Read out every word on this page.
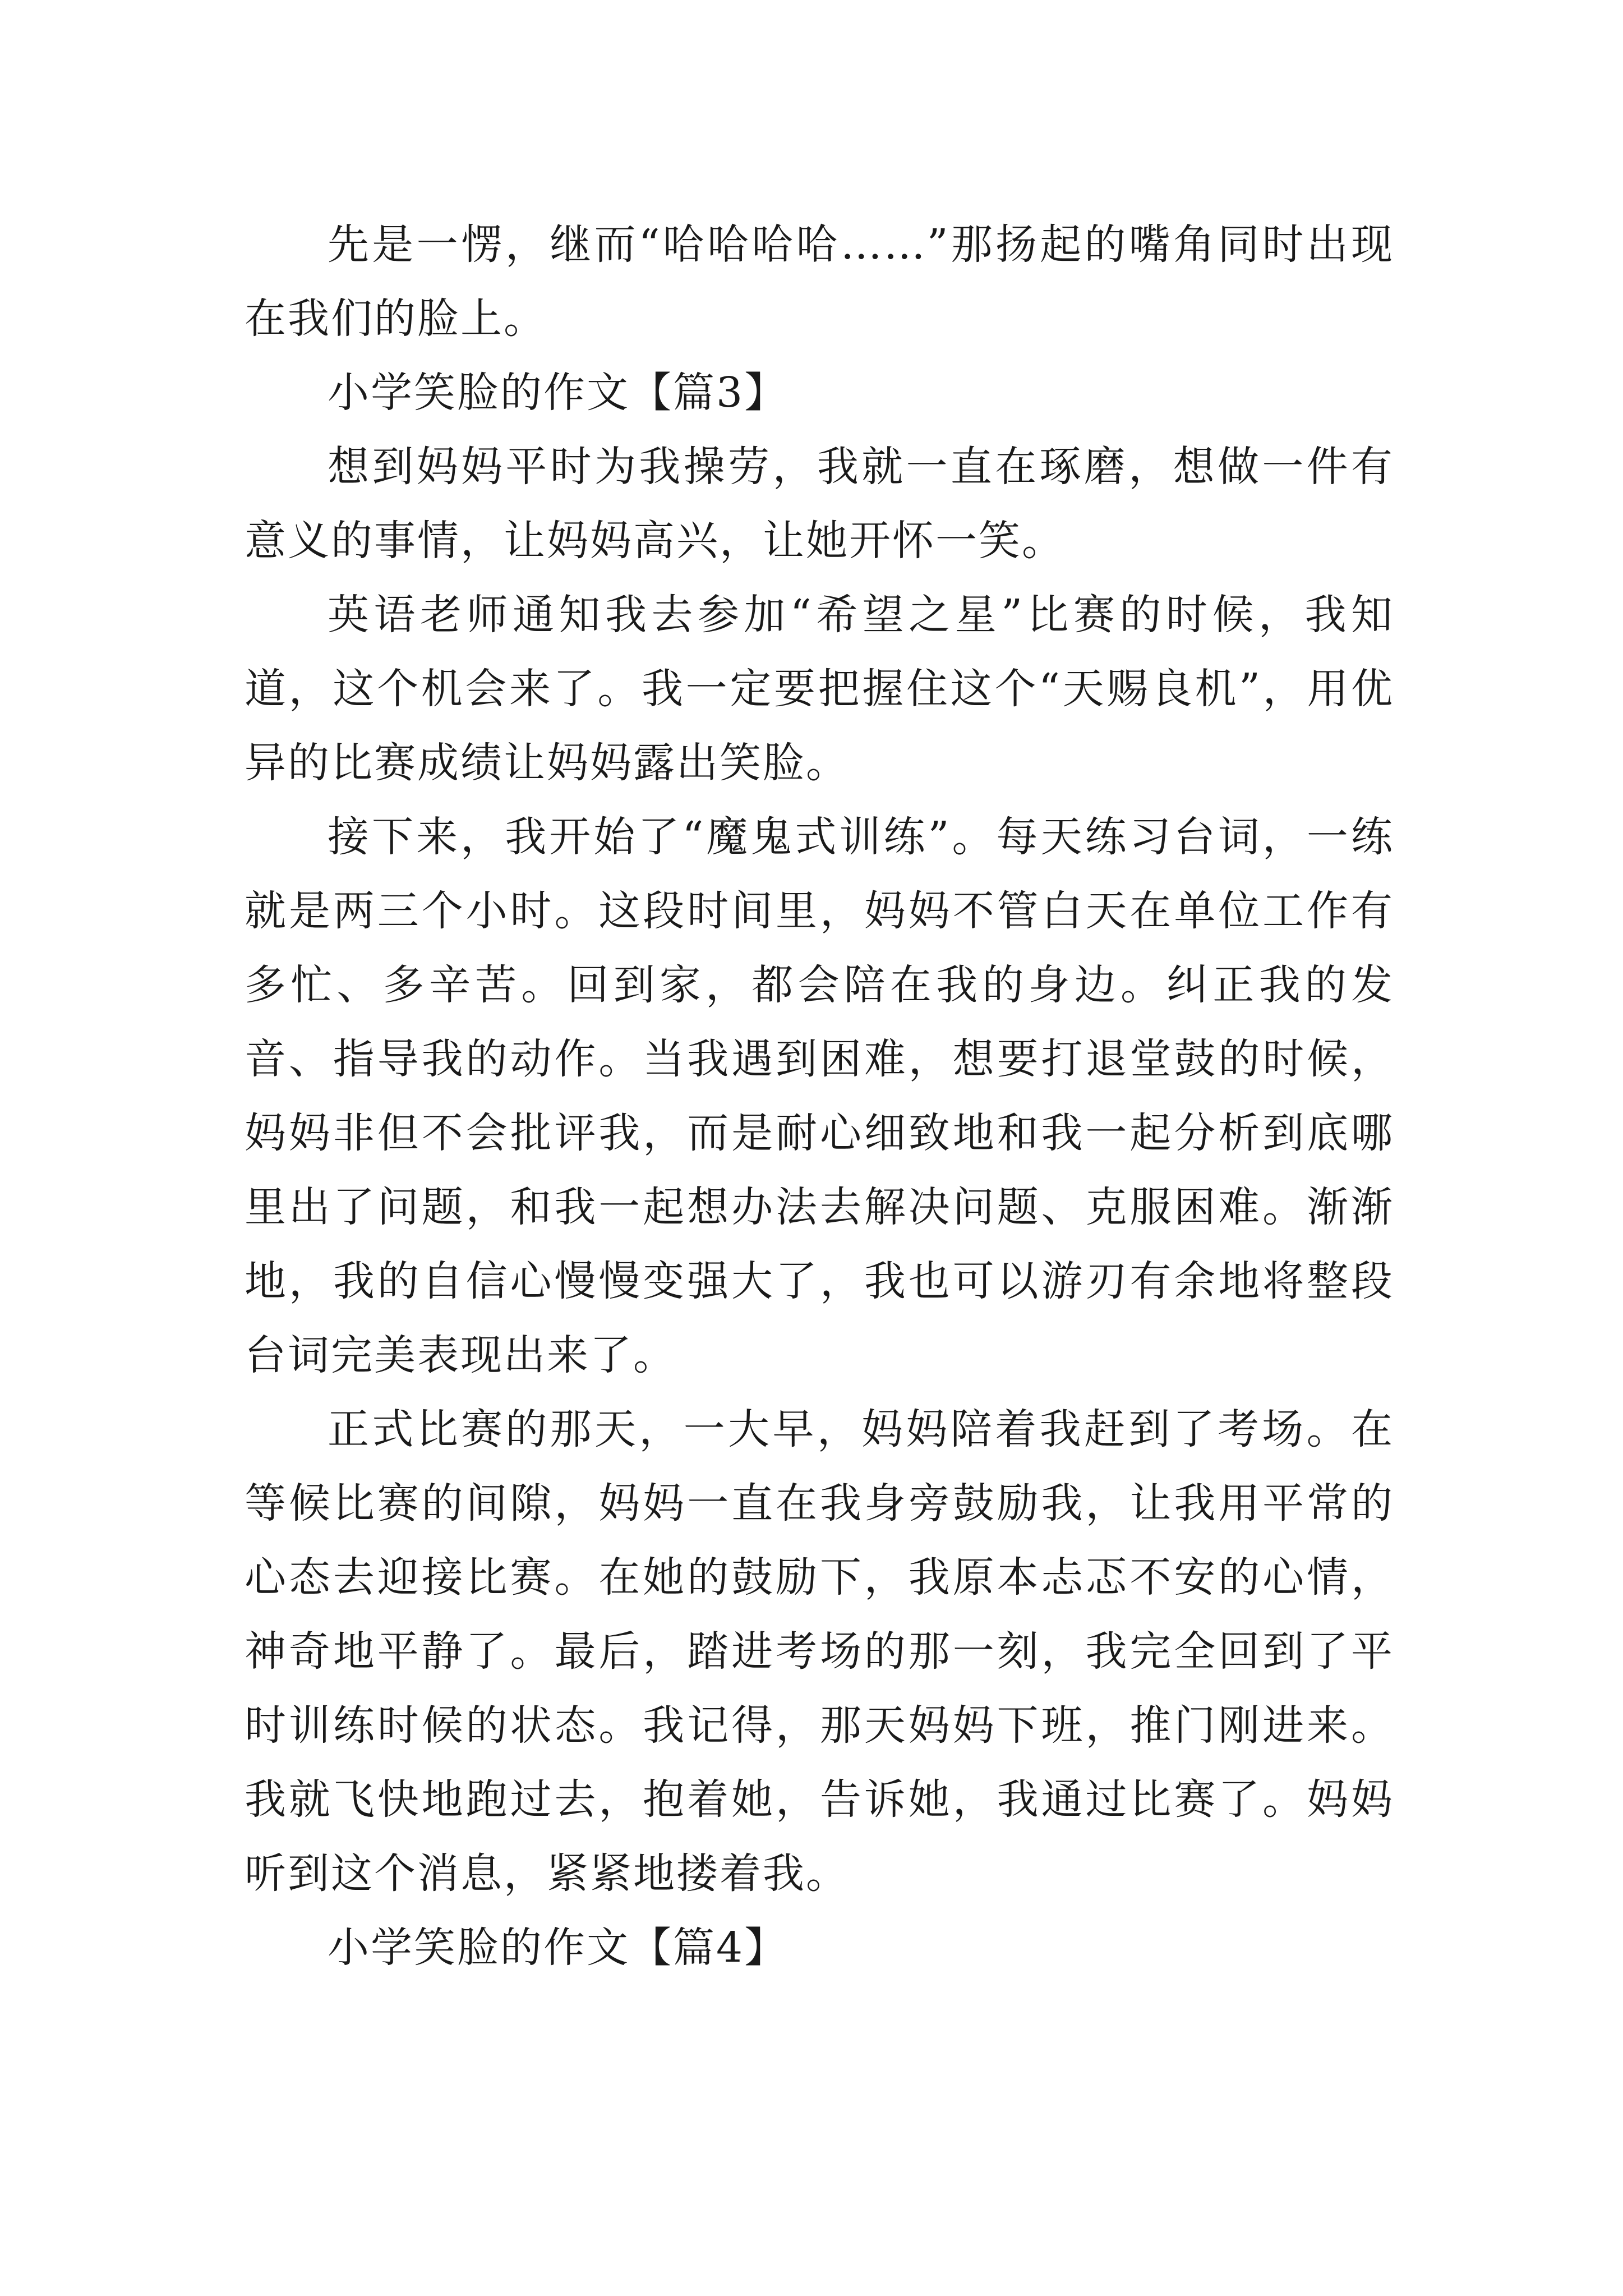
先是一愣，继而“哈哈哈哈……”那扬起的嘴角同时出现在我们的脸上。

小学笑脸的作文【篇3】

想到妈妈平时为我操劳，我就一直在琢磨，想做一件有意义的事情，让妈妈高兴，让她开怀一笑。

英语老师通知我去参加“希望之星”比赛的时候，我知道，这个机会来了。我一定要把握住这个“天赐良机”，用优异的比赛成绩让妈妈露出笑脸。

接下来，我开始了“魔鬼式训练”。每天练习台词，一练就是两三个小时。这段时间里，妈妈不管白天在单位工作有多忙、多辛苦。回到家，都会陪在我的身边。纠正我的发音、指导我的动作。当我遇到困难，想要打退堂鼓的时候，妈妈非但不会批评我，而是耐心细致地和我一起分析到底哪里出了问题，和我一起想办法去解决问题、克服困难。渐渐地，我的自信心慢慢变强大了，我也可以游刃有余地将整段台词完美表现出来了。

正式比赛的那天，一大早，妈妈陪着我赶到了考场。在等候比赛的间隙，妈妈一直在我身旁鼓励我，让我用平常的心态去迎接比赛。在她的鼓励下，我原本忐忑不安的心情，神奇地平静了。最后，踏进考场的那一刻，我完全回到了平时训练时候的状态。我记得，那天妈妈下班，推门刚进来。我就飞快地跑过去，抱着她，告诉她，我通过比赛了。妈妈听到这个消息，紧紧地搂着我。

小学笑脸的作文【篇4】
